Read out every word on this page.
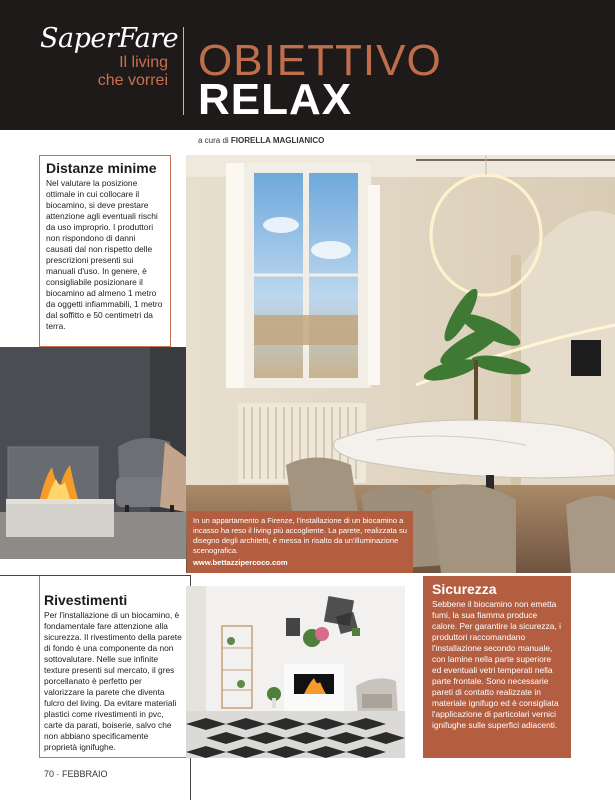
SaperFare
Il living
che vorrei OBIETTIVO
RELAX
a cura di FIORELLA MAGLIANICO
Distanze minime

Nel valutare la posizione ottimale in cui collocare il biocamino, si deve prestare attenzione agli eventuali rischi da uso improprio. I produttori non rispondono di danni causati dal non rispetto delle prescrizioni presenti sui manuali d'uso. In genere, è consigliabile posizionare il biocamino ad almeno 1 metro da oggetti infiammabili, 1 metro dal soffitto e 50 centimetri da terra.

In un appartamento a Firenze, l'installazione di un biocamino a incasso ha reso il living più accogliente. La parete, realizzata su disegno degli architetti, è messa in risalto da un'illuminazione scenografica.
www.bettazzipercoco.com
Rivestimenti

Per l'installazione di un biocamino, è fondamentale fare attenzione alla sicurezza. Il rivestimento della parete di fondo è una componente da non sottovalutare. Nelle sue infinite texture presenti sul mercato, il gres porcellanato è perfetto per valorizzare la parete che diventa fulcro del living. Da evitare materiali plastici come rivestimenti in pvc, carte da parati, boiserie, salvo che non abbiano specificamente proprietà ignifughe.

Sicurezza

Sebbene il biocamino non emetta fumi, la sua fiamma produce calore. Per garantire la sicurezza, i produttori raccomandano l'installazione secondo manuale, con lamine nella parte superiore ed eventuali vetri temperati nella parte frontale. Sono necessarie pareti di contatto realizzate in materiale ignifugo ed è consigliata l'applicazione di particolari vernici ignifughe sulle superfici adiacenti.

70 · FEBBRAIO
